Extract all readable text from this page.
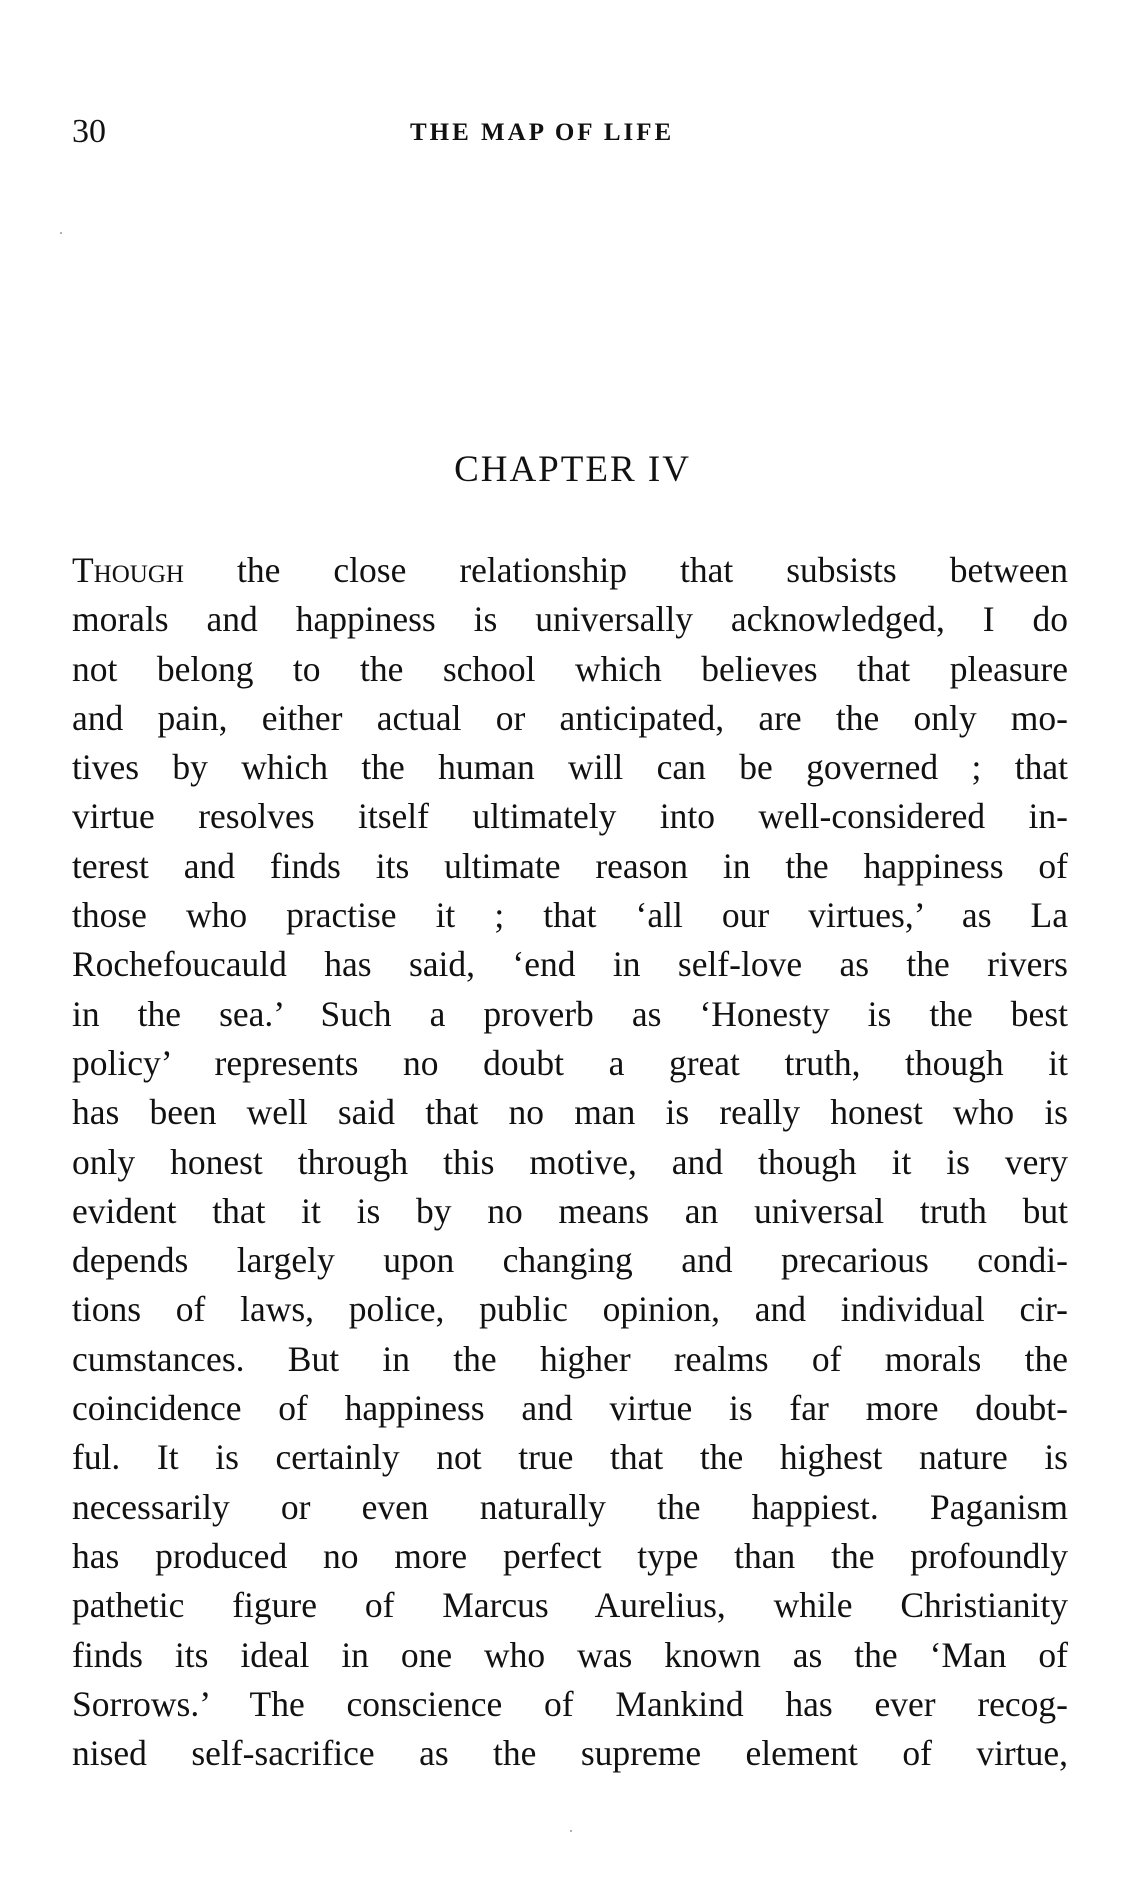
30	THE MAP OF LIFE
CHAPTER IV
Though the close relationship that subsists between
morals and happiness is universally acknowledged, I do
not belong to the school which believes that pleasure
and pain, either actual or anticipated, are the only mo-
tives by which the human will can be governed ; that
virtue resolves itself ultimately into well-considered in-
terest and finds its ultimate reason in the happiness of
those who practise it ; that ‘all our virtues,’ as La
Rochefoucauld has said, ‘end in self-love as the rivers
in the sea.’ Such a proverb as ‘Honesty is the best
policy’ represents no doubt a great truth, though it
has been well said that no man is really honest who is
only honest through this motive, and though it is very
evident that it is by no means an universal truth but
depends largely upon changing and precarious condi-
tions of laws, police, public opinion, and individual cir-
cumstances. But in the higher realms of morals the
coincidence of happiness and virtue is far more doubt-
ful. It is certainly not true that the highest nature is
necessarily or even naturally the happiest. Paganism
has produced no more perfect type than the profoundly
pathetic figure of Marcus Aurelius, while Christianity
finds its ideal in one who was known as the ‘Man of
Sorrows.’ The conscience of Mankind has ever recog-
nised self-sacrifice as the supreme element of virtue,
